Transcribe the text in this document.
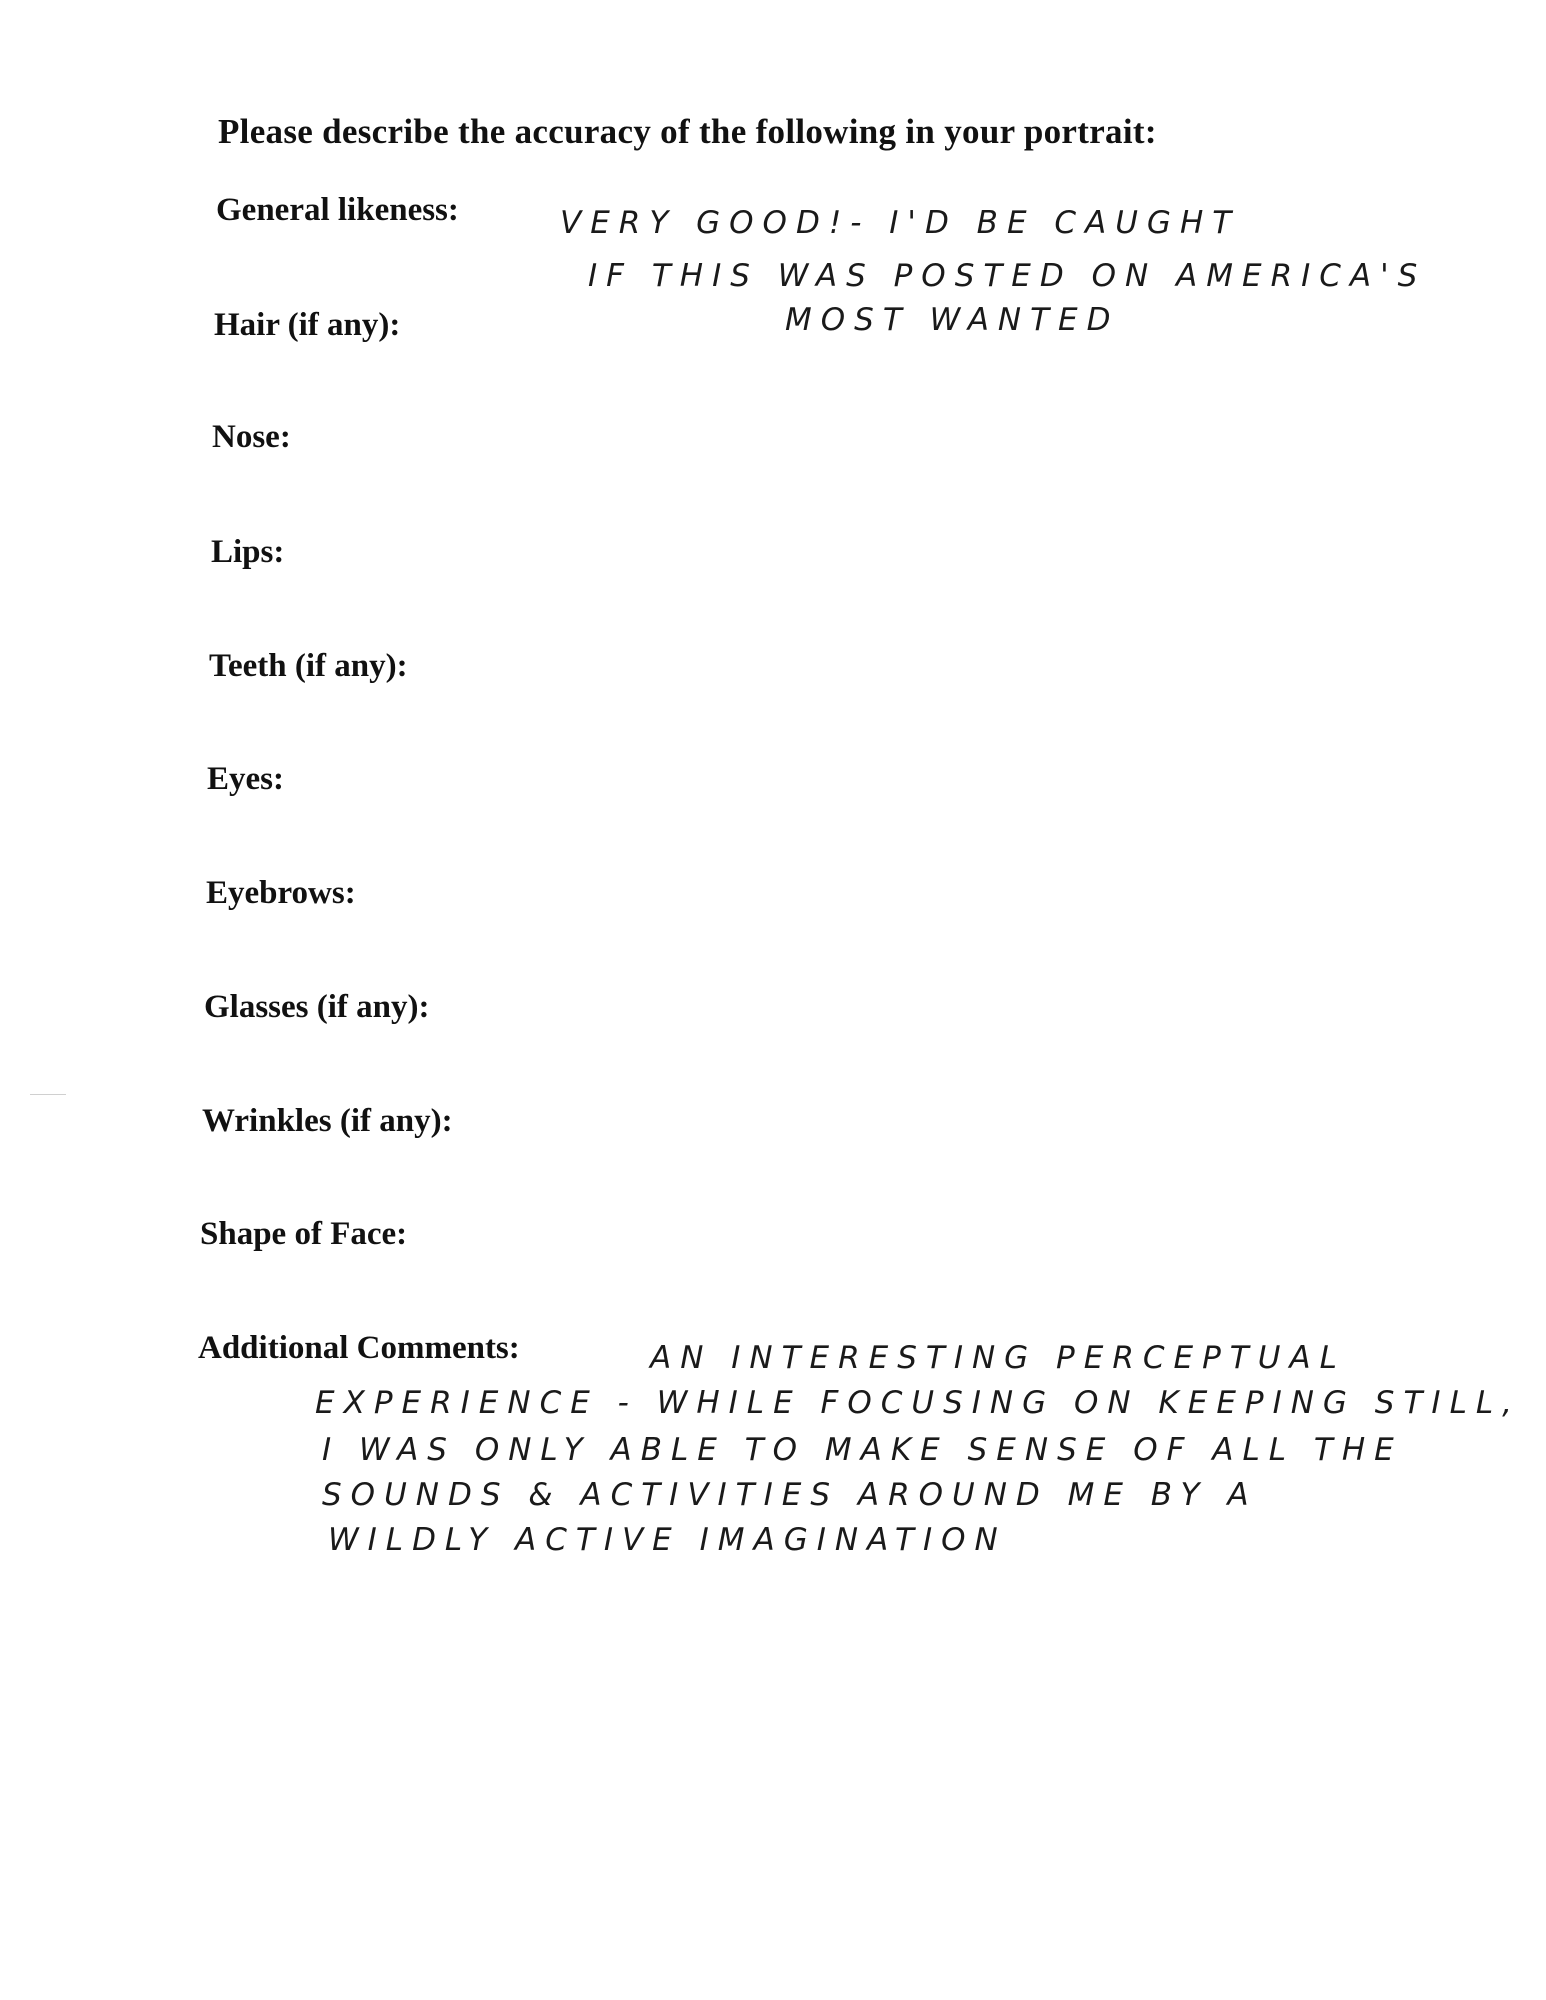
Please describe the accuracy of the following in your portrait:
General likeness:
Hair (if any):
Nose:
Lips:
Teeth (if any):
Eyes:
Eyebrows:
Glasses (if any):
Wrinkles (if any):
Shape of Face:
Additional Comments:
VERY GOOD!- I'D BE CAUGHT
IF THIS WAS POSTED ON AMERICA'S
MOST WANTED
AN INTERESTING PERCEPTUAL
EXPERIENCE - WHILE FOCUSING ON KEEPING STILL,
I WAS ONLY ABLE TO MAKE SENSE OF ALL THE
SOUNDS & ACTIVITIES AROUND ME BY A
WILDLY ACTIVE IMAGINATION
